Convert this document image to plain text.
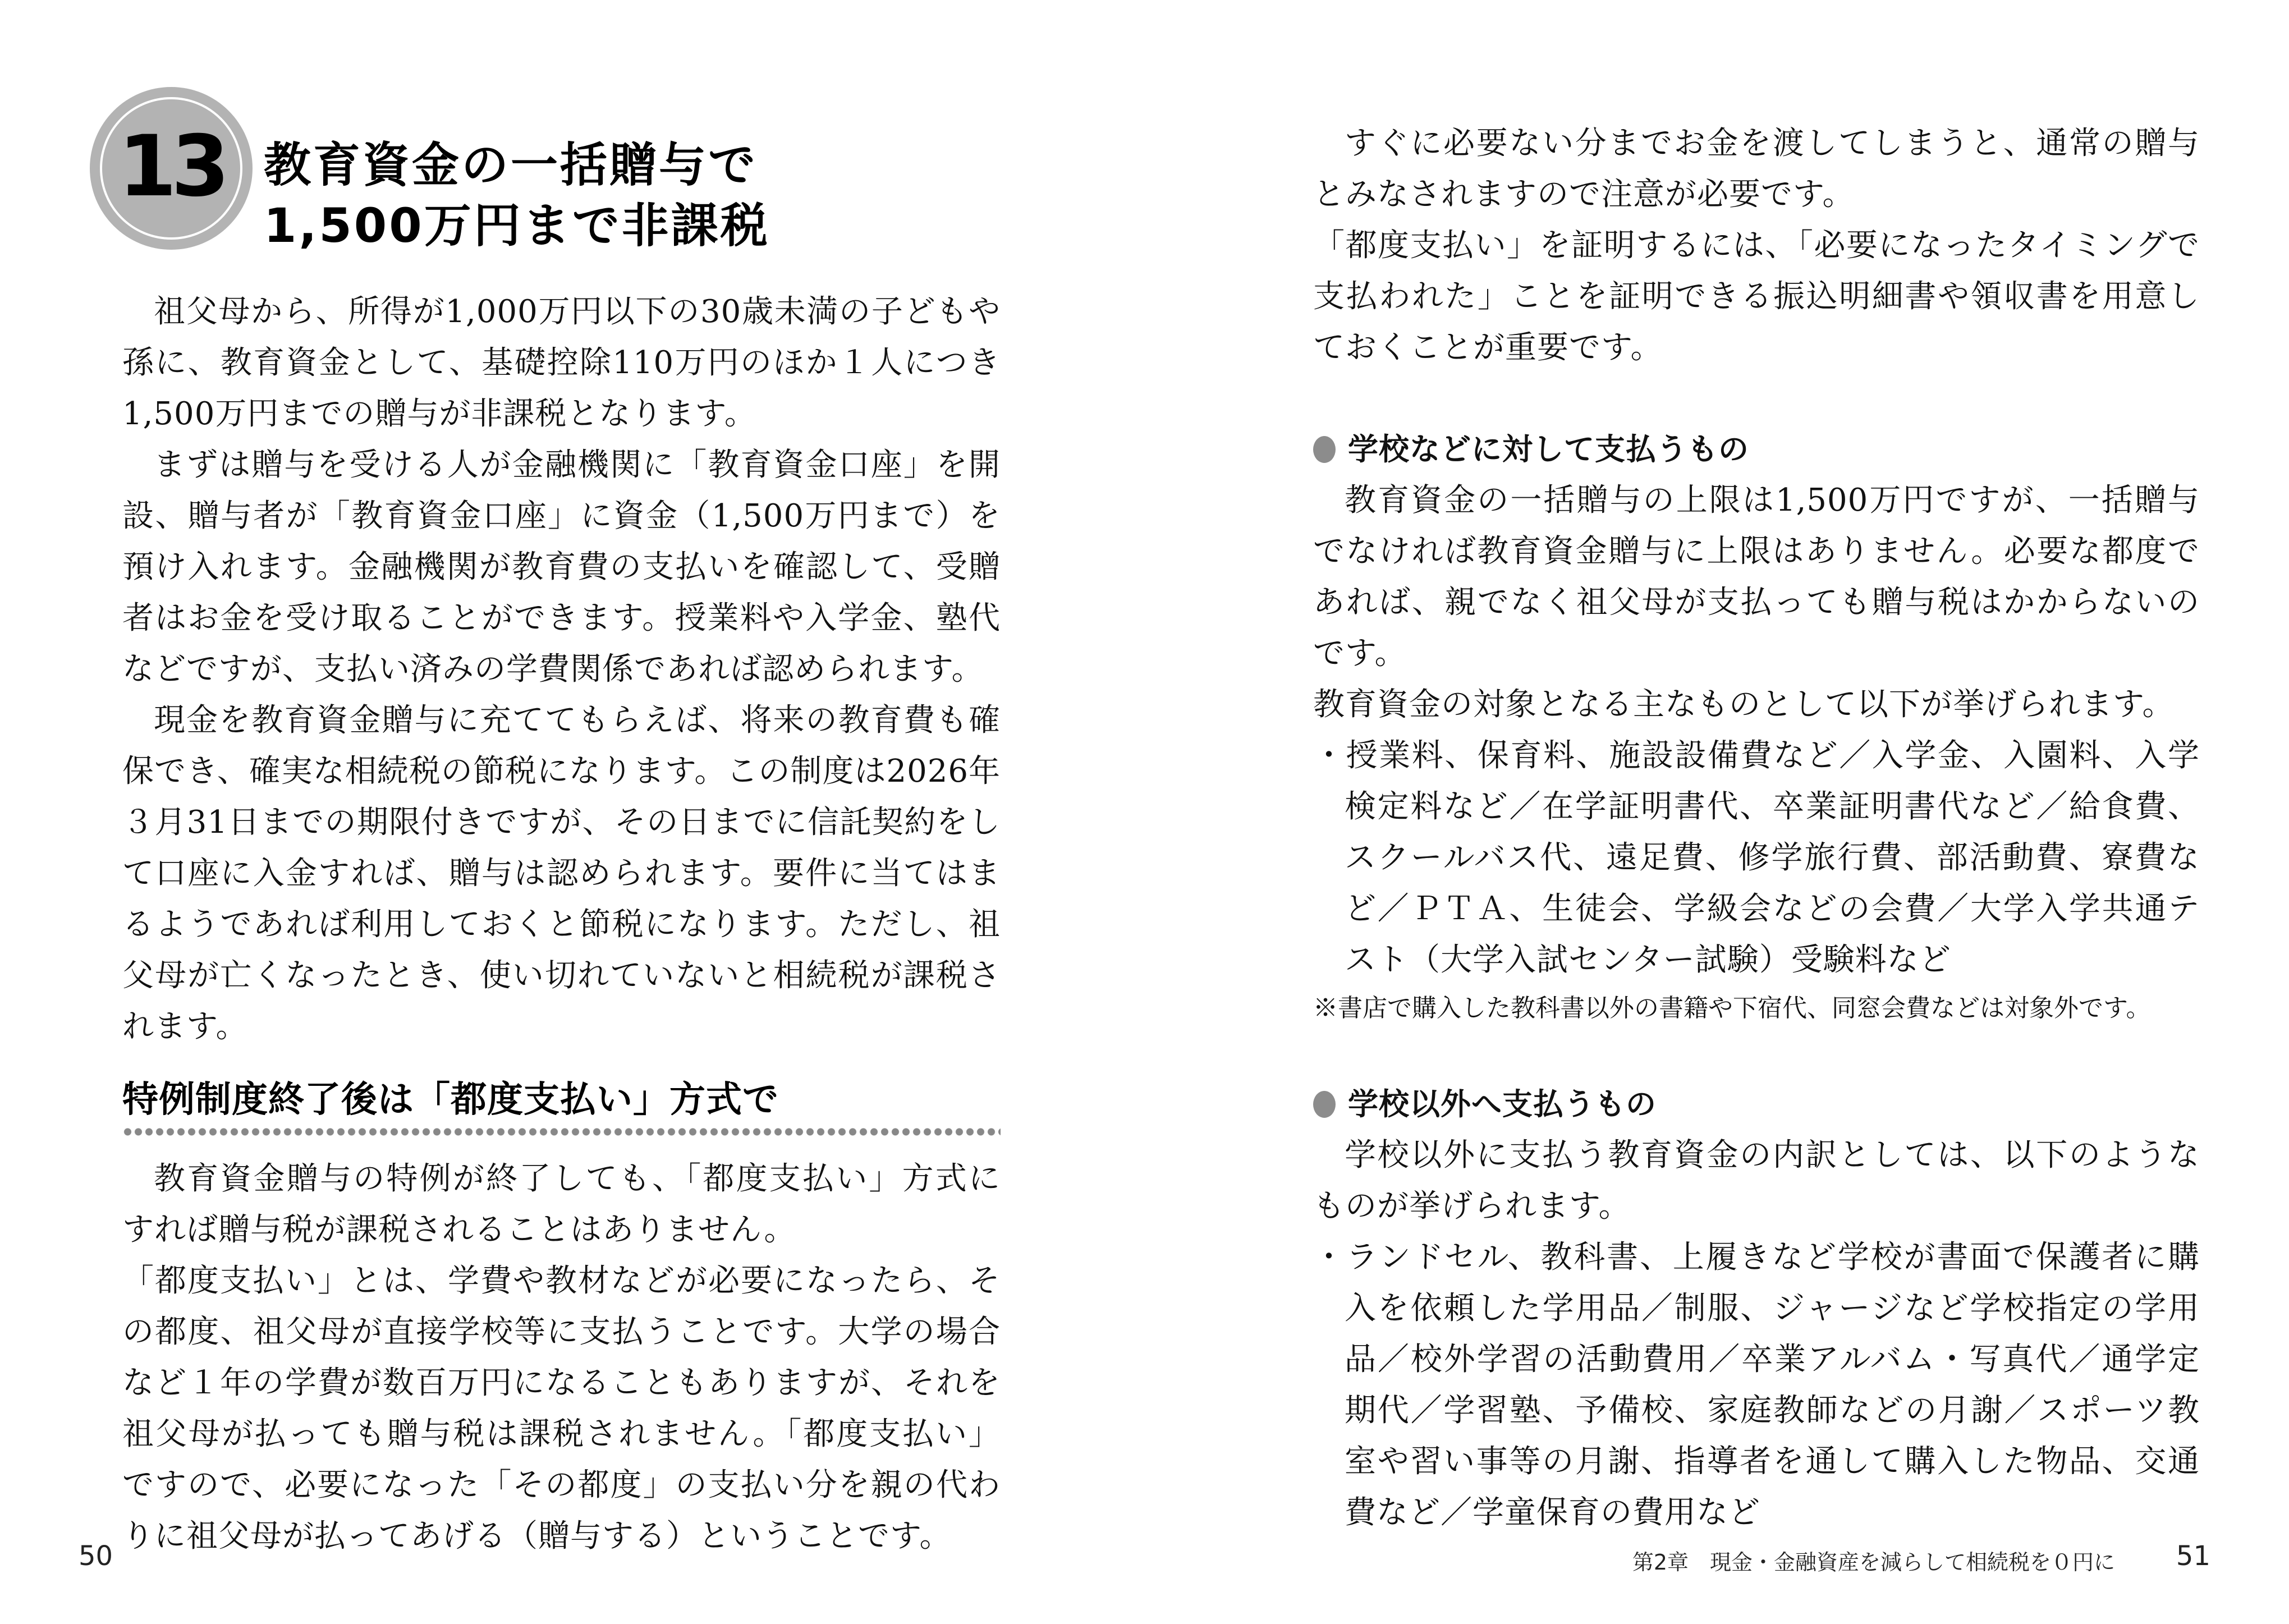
13 教育資金の一括贈与で
1,500万円まで非課税

祖父母から、所得が1,000万円以下の30歳未満の子どもや孫に、教育資金として、基礎控除110万円のほか１人につき1,500万円までの贈与が非課税となります。

まずは贈与を受ける人が金融機関に「教育資金口座」を開設、贈与者が「教育資金口座」に資金（1,500万円まで）を預け入れます。金融機関が教育費の支払いを確認して、受贈者はお金を受け取ることができます。授業料や入学金、塾代などですが、支払い済みの学費関係であれば認められます。

現金を教育資金贈与に充ててもらえば、将来の教育費も確保でき、確実な相続税の節税になります。この制度は2026年３月31日までの期限付きですが、その日までに信託契約をして口座に入金すれば、贈与は認められます。要件に当てはまるようであれば利用しておくと節税になります。ただし、祖父母が亡くなったとき、使い切れていないと相続税が課税されます。

特例制度終了後は「都度支払い」方式で

教育資金贈与の特例が終了しても、「都度支払い」方式にすれば贈与税が課税されることはありません。

「都度支払い」とは、学費や教材などが必要になったら、その都度、祖父母が直接学校等に支払うことです。大学の場合など１年の学費が数百万円になることもありますが、それを祖父母が払っても贈与税は課税されません。「都度支払い」ですので、必要になった「その都度」の支払い分を親の代わりに祖父母が払ってあげる（贈与する）ということです。

50

すぐに必要ない分までお金を渡してしまうと、通常の贈与とみなされますので注意が必要です。

「都度支払い」を証明するには、「必要になったタイミングで支払われた」ことを証明できる振込明細書や領収書を用意しておくことが重要です。

学校などに対して支払うもの

教育資金の一括贈与の上限は1,500万円ですが、一括贈与でなければ教育資金贈与に上限はありません。必要な都度であれば、親でなく祖父母が支払っても贈与税はかからないのです。

教育資金の対象となる主なものとして以下が挙げられます。

・授業料、保育料、施設設備費など／入学金、入園料、入学検定料など／在学証明書代、卒業証明書代など／給食費、スクールバス代、遠足費、修学旅行費、部活動費、寮費など／ＰＴＡ、生徒会、学級会などの会費／大学入学共通テスト（大学入試センター試験）受験料など

※書店で購入した教科書以外の書籍や下宿代、同窓会費などは対象外です。

学校以外へ支払うもの

学校以外に支払う教育資金の内訳としては、以下のようなものが挙げられます。

・ランドセル、教科書、上履きなど学校が書面で保護者に購入を依頼した学用品／制服、ジャージなど学校指定の学用品／校外学習の活動費用／卒業アルバム・写真代／通学定期代／学習塾、予備校、家庭教師などの月謝／スポーツ教室や習い事等の月謝、指導者を通して購入した物品、交通費など／学童保育の費用など

第2章　現金・金融資産を減らして相続税を０円に 51
